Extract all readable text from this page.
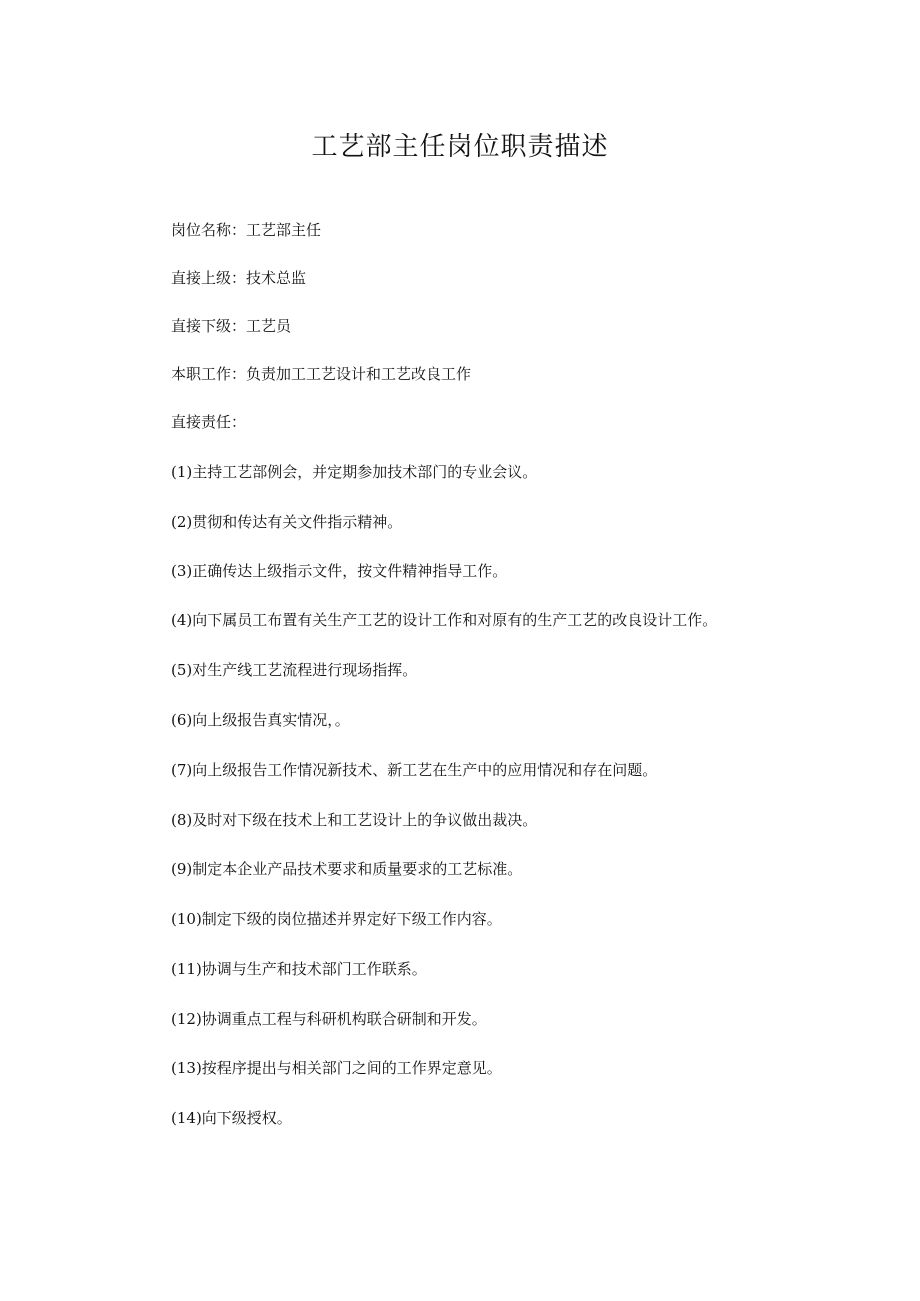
工艺部主任岗位职责描述

岗位名称：工艺部主任

直接上级：技术总监

直接下级：工艺员

本职工作：负责加工工艺设计和工艺改良工作

直接责任：

(1)主持工艺部例会，并定期参加技术部门的专业会议。

(2)贯彻和传达有关文件指示精神。

(3)正确传达上级指示文件，按文件精神指导工作。

(4)向下属员工布置有关生产工艺的设计工作和对原有的生产工艺的改良设计工作。

(5)对生产线工艺流程进行现场指挥。

(6)向上级报告真实情况，。

(7)向上级报告工作情况新技术、新工艺在生产中的应用情况和存在问题。

(8)及时对下级在技术上和工艺设计上的争议做出裁决。

(9)制定本企业产品技术要求和质量要求的工艺标准。

(10)制定下级的岗位描述并界定好下级工作内容。

(11)协调与生产和技术部门工作联系。

(12)协调重点工程与科研机构联合研制和开发。

(13)按程序提出与相关部门之间的工作界定意见。

(14)向下级授权。
